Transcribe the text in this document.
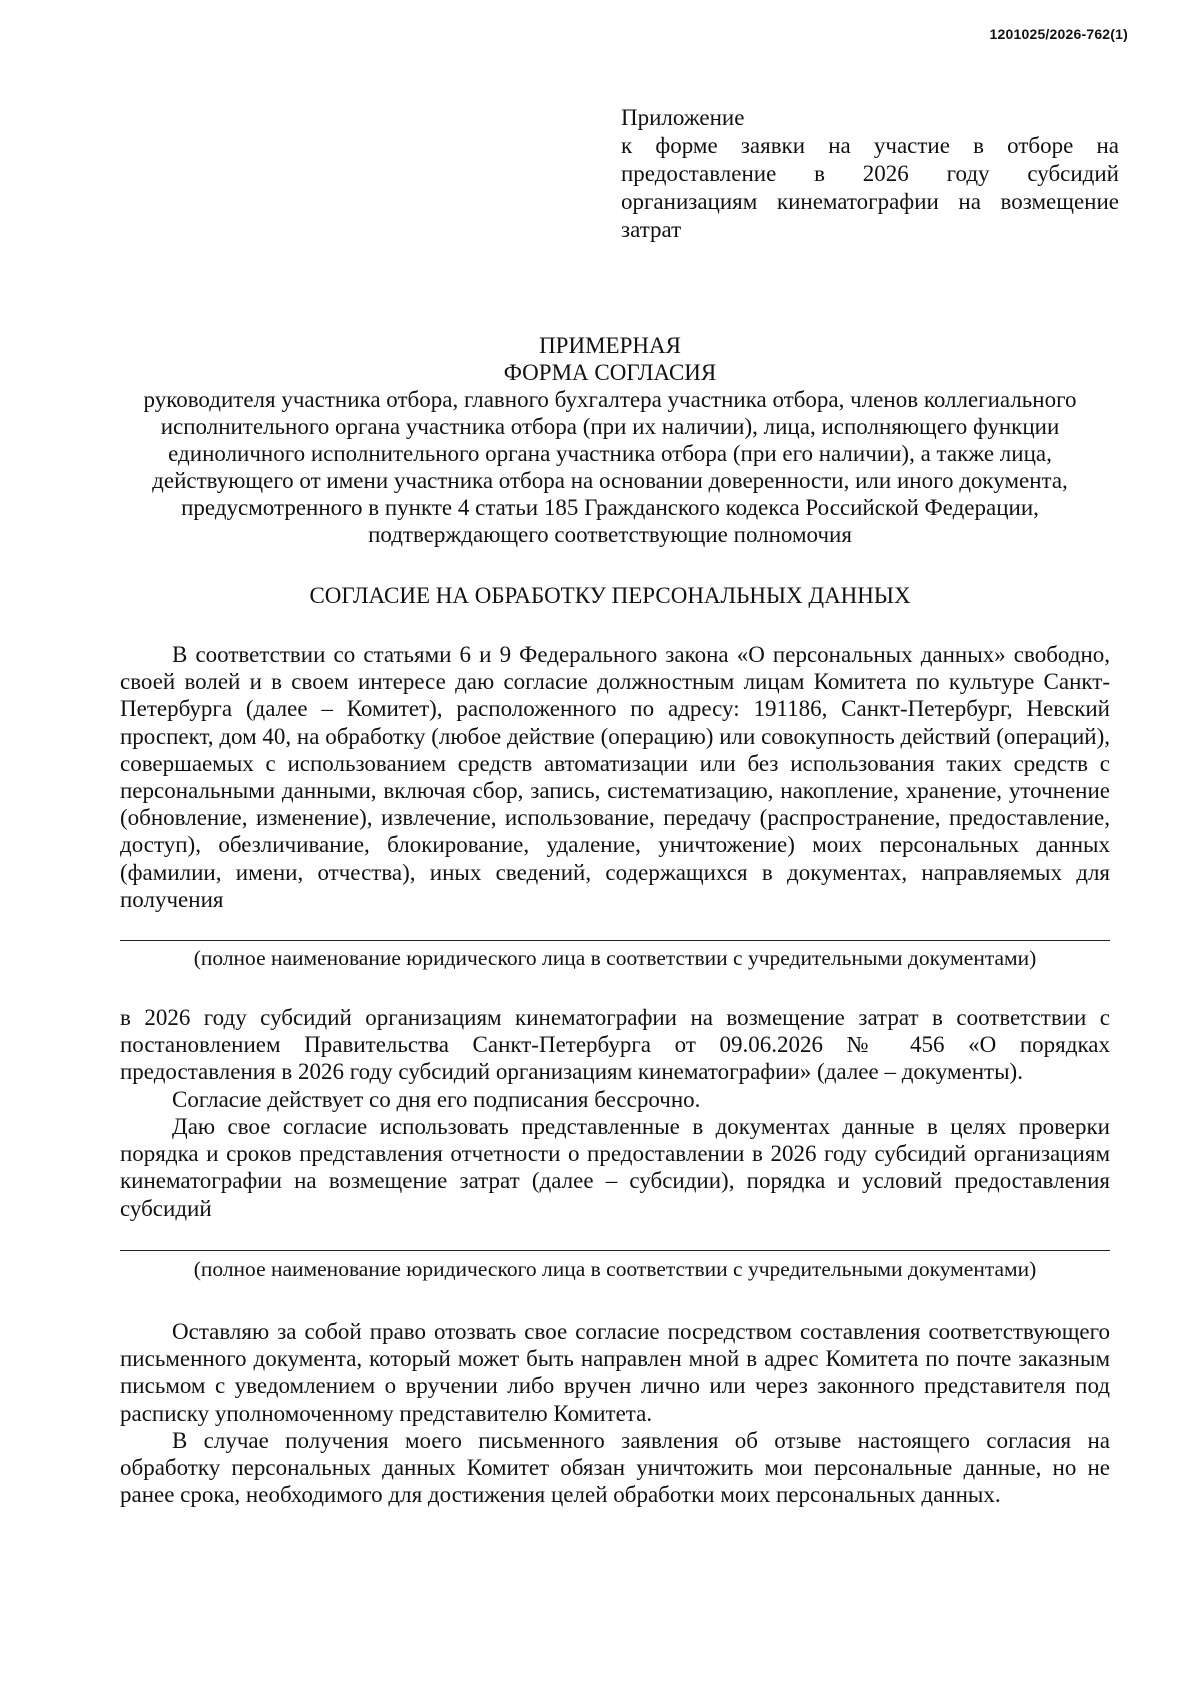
1201025/2026-762(1)
Приложение
к форме заявки на участие в отборе на предоставление в 2026 году субсидий организациям кинематографии на возмещение затрат
ПРИМЕРНАЯ
ФОРМА СОГЛАСИЯ
руководителя участника отбора, главного бухгалтера участника отбора, членов коллегиального исполнительного органа участника отбора (при их наличии), лица, исполняющего функции единоличного исполнительного органа участника отбора (при его наличии), а также лица, действующего от имени участника отбора на основании доверенности, или иного документа, предусмотренного в пункте 4 статьи 185 Гражданского кодекса Российской Федерации, подтверждающего соответствующие полномочия
СОГЛАСИЕ НА ОБРАБОТКУ ПЕРСОНАЛЬНЫХ ДАННЫХ

В соответствии со статьями 6 и 9 Федерального закона «О персональных данных» свободно, своей волей и в своем интересе даю согласие должностным лицам Комитета по культуре Санкт-Петербурга (далее – Комитет), расположенного по адресу: 191186, Санкт-Петербург, Невский проспект, дом 40, на обработку (любое действие (операцию) или совокупность действий (операций), совершаемых с использованием средств автоматизации или без использования таких средств с персональными данными, включая сбор, запись, систематизацию, накопление, хранение, уточнение (обновление, изменение), извлечение, использование, передачу (распространение, предоставление, доступ), обезличивание, блокирование, удаление, уничтожение) моих персональных данных (фамилии, имени, отчества), иных сведений, содержащихся в документах, направляемых для получения

(полное наименование юридического лица в соответствии с учредительными документами)

в 2026 году субсидий организациям кинематографии на возмещение затрат в соответствии с постановлением Правительства Санкт-Петербурга от 09.06.2026 № 456 «О порядках предоставления в 2026 году субсидий организациям кинематографии» (далее – документы).

Согласие действует со дня его подписания бессрочно.

Даю свое согласие использовать представленные в документах данные в целях проверки порядка и сроков представления отчетности о предоставлении в 2026 году субсидий организациям кинематографии на возмещение затрат (далее – субсидии), порядка и условий предоставления субсидий

(полное наименование юридического лица в соответствии с учредительными документами)

Оставляю за собой право отозвать свое согласие посредством составления соответствующего письменного документа, который может быть направлен мной в адрес Комитета по почте заказным письмом с уведомлением о вручении либо вручен лично или через законного представителя под расписку уполномоченному представителю Комитета.

В случае получения моего письменного заявления об отзыве настоящего согласия на обработку персональных данных Комитет обязан уничтожить мои персональные данные, но не ранее срока, необходимого для достижения целей обработки моих персональных данных.
